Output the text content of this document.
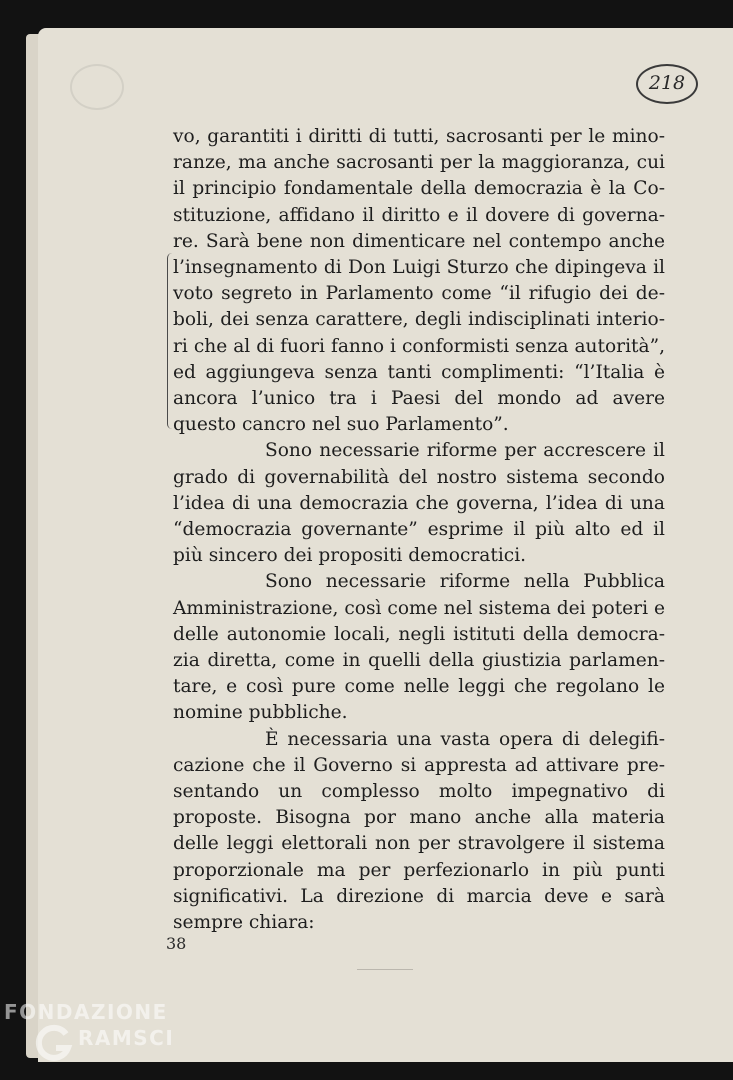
218

vo, garantiti i diritti di tutti, sacrosanti per le minoranze, ma anche sacrosanti per la maggioranza, cui il principio fondamentale della democrazia è la Costituzione, affidano il diritto e il dovere di governare. Sarà bene non dimenticare nel contempo anche l’insegnamento di Don Luigi Sturzo che dipingeva il voto segreto in Parlamento come “il rifugio dei deboli, dei senza carattere, degli indisciplinati interiori che al di fuori fanno i conformisti senza autorità”, ed aggiungeva senza tanti complimenti: “l’Italia è ancora l’unico tra i Paesi del mondo ad avere questo cancro nel suo Parlamento”.

Sono necessarie riforme per accrescere il grado di governabilità del nostro sistema secondo l’idea di una democrazia che governa, l’idea di una “democrazia governante” esprime il più alto ed il più sincero dei propositi democratici.

Sono necessarie riforme nella Pubblica Amministrazione, così come nel sistema dei poteri e delle autonomie locali, negli istituti della democrazia diretta, come in quelli della giustizia parlamentare, e così pure come nelle leggi che regolano le nomine pubbliche.

È necessaria una vasta opera di delegificazione che il Governo si appresta ad attivare presentando un complesso molto impegnativo di proposte. Bisogna por mano anche alla materia delle leggi elettorali non per stravolgere il sistema proporzionale ma per perfezionarlo in più punti significativi. La direzione di marcia deve e sarà sempre chiara:

38
FONDAZIONE
RAMSCI
